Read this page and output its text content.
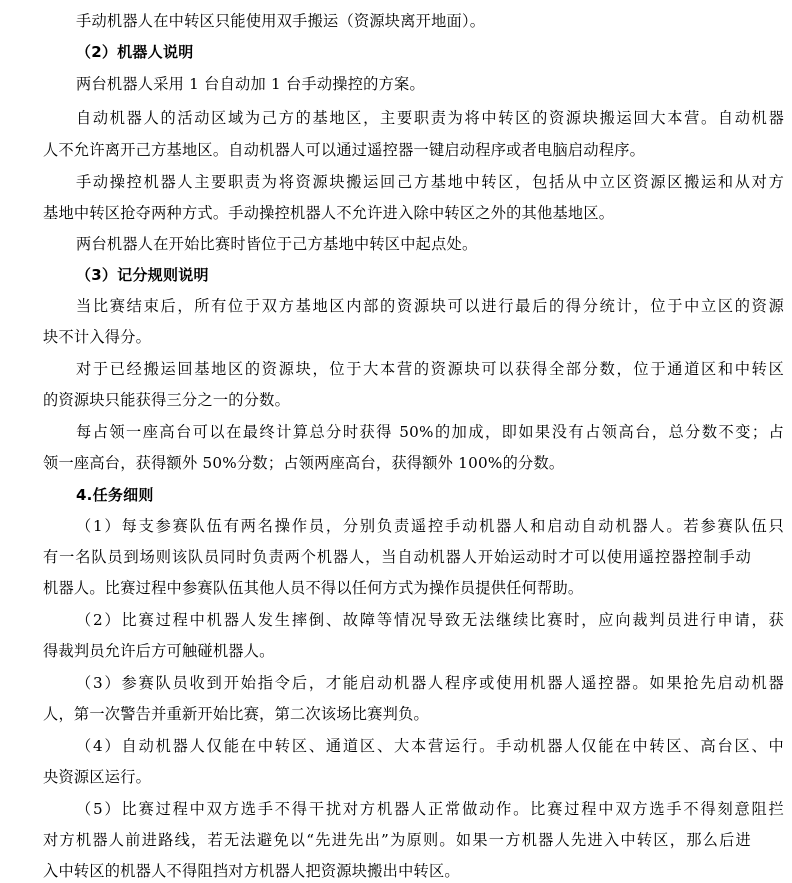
手动机器人在中转区只能使用双手搬运（资源块离开地面）。
（2）机器人说明
两台机器人采用 1 台自动加 1 台手动操控的方案。
自动机器人的活动区域为己方的基地区，主要职责为将中转区的资源块搬运回大本营。自动机器
人不允许离开己方基地区。自动机器人可以通过遥控器一键启动程序或者电脑启动程序。
手动操控机器人主要职责为将资源块搬运回己方基地中转区，包括从中立区资源区搬运和从对方
基地中转区抢夺两种方式。手动操控机器人不允许进入除中转区之外的其他基地区。
两台机器人在开始比赛时皆位于己方基地中转区中起点处。
（3）记分规则说明
当比赛结束后，所有位于双方基地区内部的资源块可以进行最后的得分统计，位于中立区的资源
块不计入得分。
对于已经搬运回基地区的资源块，位于大本营的资源块可以获得全部分数，位于通道区和中转区
的资源块只能获得三分之一的分数。
每占领一座高台可以在最终计算总分时获得 50%的加成，即如果没有占领高台，总分数不变；占
领一座高台，获得额外 50%分数；占领两座高台，获得额外 100%的分数。
4.任务细则
（1）每支参赛队伍有两名操作员，分别负责遥控手动机器人和启动自动机器人。若参赛队伍只
有一名队员到场则该队员同时负责两个机器人，当自动机器人开始运动时才可以使用遥控器控制手动
机器人。比赛过程中参赛队伍其他人员不得以任何方式为操作员提供任何帮助。
（2）比赛过程中机器人发生摔倒、故障等情况导致无法继续比赛时，应向裁判员进行申请，获
得裁判员允许后方可触碰机器人。
（3）参赛队员收到开始指令后，才能启动机器人程序或使用机器人遥控器。如果抢先启动机器
人，第一次警告并重新开始比赛，第二次该场比赛判负。
（4）自动机器人仅能在中转区、通道区、大本营运行。手动机器人仅能在中转区、高台区、中
央资源区运行。
（5）比赛过程中双方选手不得干扰对方机器人正常做动作。比赛过程中双方选手不得刻意阻拦
对方机器人前进路线，若无法避免以“先进先出”为原则。如果一方机器人先进入中转区，那么后进
入中转区的机器人不得阻挡对方机器人把资源块搬出中转区。
